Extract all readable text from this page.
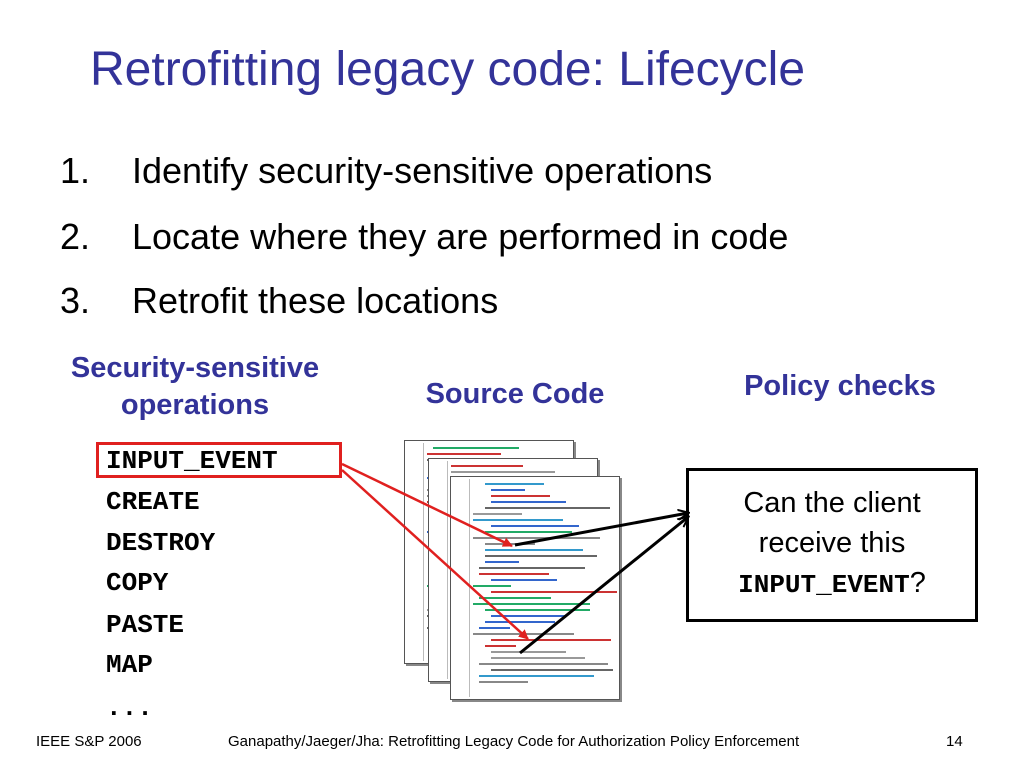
Retrofitting legacy code: Lifecycle
1. Identify security-sensitive operations
2. Locate where they are performed in code
3. Retrofit these locations
Security-sensitive operations	Source Code	Policy checks
INPUT_EVENT
CREATE
DESTROY
COPY
PASTE
MAP
...
Can the client
receive this
INPUT_EVENT?
IEEE S&P 2006	Ganapathy/Jaeger/Jha: Retrofitting Legacy Code for Authorization Policy Enforcement	14
